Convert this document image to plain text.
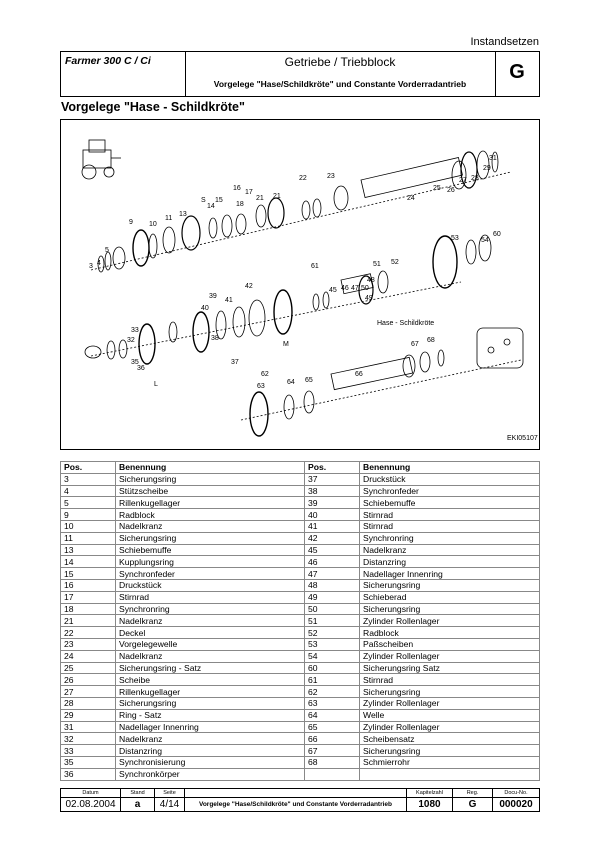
Instandsetzen
Farmer 300 C / Ci	Getriebe / Triebblock
Vorgelege "Hase/Schildkröte" und Constante Vorderradantrieb
G
Vorgelege "Hase - Schildkröte"
3 4
5
9 10
11
13
14
15
16
17
18
21 21
22	23
24
25 26
27 28
29
31
32
33
35
36
37
38
39
40
41
42
45 46 47
48
49
50
51 52
53	54
60
61
62
63
64 65
66
67
68
S
M
L
Hase - Schildkröte
EKI05107
Pos.	Benennung	Pos.	Benennung
3	Sicherungsring	37	Druckstück
4	Stützscheibe	38	Synchronfeder
5	Rillenkugellager	39	Schiebemuffe
9	Radblock	40	Stirnrad
10	Nadelkranz	41	Stirnrad
11	Sicherungsring	42	Synchronring
13	Schiebemuffe	45	Nadelkranz
14	Kupplungsring	46	Distanzring
15	Synchronfeder	47	Nadellager Innenring
16	Druckstück	48	Sicherungsring
17	Stirnrad	49	Schieberad
18	Synchronring	50	Sicherungsring
21	Nadelkranz	51	Zylinder Rollenlager
22	Deckel	52	Radblock
23	Vorgelegewelle	53	Paßscheiben
24	Nadelkranz	54	Zylinder Rollenlager
25	Sicherungsring - Satz	60	Sicherungsring Satz
26	Scheibe	61	Stirnrad
27	Rillenkugellager	62	Sicherungsring
28	Sicherungsring	63	Zylinder Rollenlager
29	Ring - Satz	64	Welle
31	Nadellager Innenring	65	Zylinder Rollenlager
32	Nadelkranz	66	Scheibensatz
33	Distanzring	67	Sicherungsring
35	Synchronisierung	68	Schmierrohr
36	Synchronkörper		
Datum
02.08.2004
Stand
a
Seite
4/14	Vorgelege "Hase/Schildkröte" und Constante Vorderradantrieb
Kapitelzahl
1080
Reg.
G
Docu-No.
000020
